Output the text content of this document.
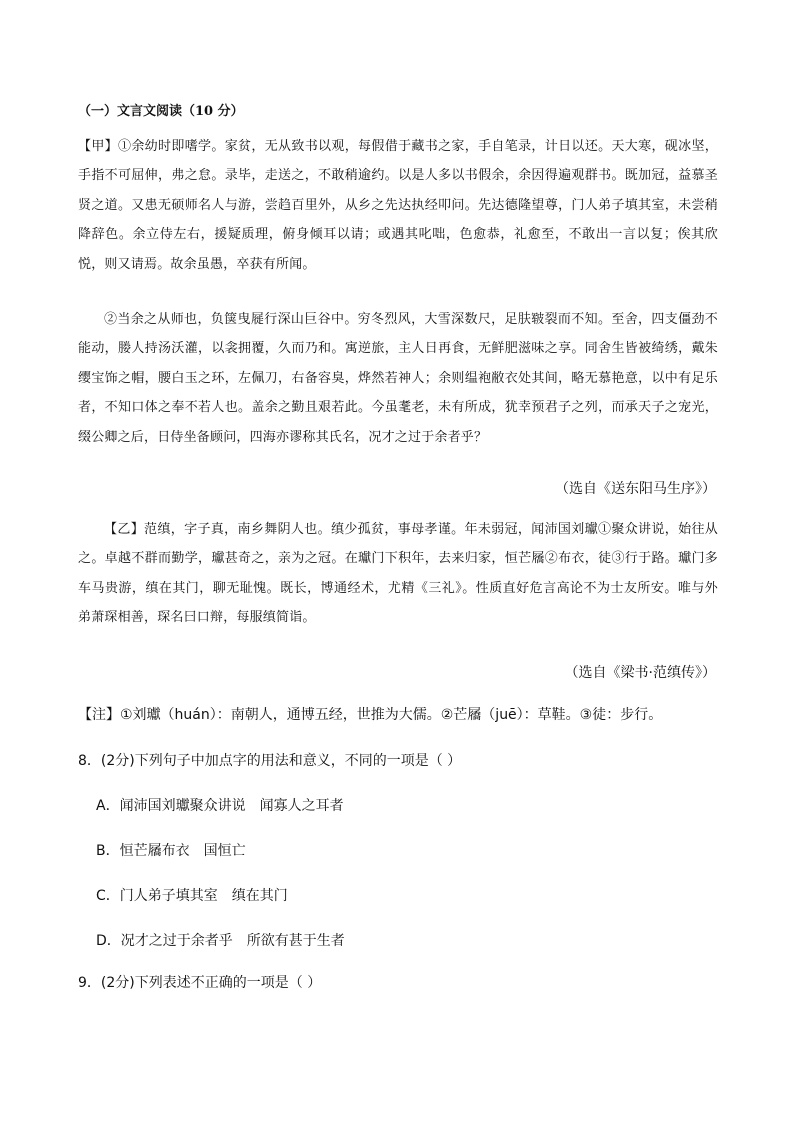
（一）文言文阅读（10 分）

【甲】①余幼时即嗜学。家贫，无从致书以观，每假借于藏书之家，手自笔录，计日以还。天大寒，砚冰坚，手指不可屈伸，弗之怠。录毕，走送之，不敢稍逾约。以是人多以书假余，余因得遍观群书。既加冠，益慕圣贤之道。又患无硕师名人与游，尝趋百里外，从乡之先达执经叩问。先达德隆望尊，门人弟子填其室，未尝稍降辞色。余立侍左右，援疑质理，俯身倾耳以请；或遇其叱咄，色愈恭，礼愈至，不敢出一言以复；俟其欣悦，则又请焉。故余虽愚，卒获有所闻。

②当余之从师也，负箧曳屣行深山巨谷中。穷冬烈风，大雪深数尺，足肤皲裂而不知。至舍，四支僵劲不能动，媵人持汤沃灌，以衾拥覆，久而乃和。寓逆旅，主人日再食，无鲜肥滋味之享。同舍生皆被绮绣，戴朱缨宝饰之帽，腰白玉之环，左佩刀，右备容臭，烨然若神人；余则缊袍敝衣处其间，略无慕艳意，以中有足乐者，不知口体之奉不若人也。盖余之勤且艰若此。今虽耄老，未有所成，犹幸预君子之列，而承天子之宠光，缀公卿之后，日侍坐备顾问，四海亦谬称其氏名，况才之过于余者乎？

（选自《送东阳马生序》）

【乙】范缜，字子真，南乡舞阴人也。缜少孤贫，事母孝谨。年未弱冠，闻沛国刘瓛①聚众讲说，始往从之。卓越不群而勤学，瓛甚奇之，亲为之冠。在瓛门下积年，去来归家，恒芒屩②布衣，徒③行于路。瓛门多车马贵游，缜在其门，聊无耻愧。既长，博通经术，尤精《三礼》。性质直好危言高论不为士友所安。唯与外弟萧琛相善，琛名曰口辩，每服缜简诣。

（选自《梁书·范缜传》）
【注】①刘瓛（huán）：南朝人，通博五经，世推为大儒。②芒屩（juē）：草鞋。③徒：步行。
8．(2分)下列句子中加点字的用法和意义，不同的一项是（ ）
A．闻沛国刘瓛聚众讲说　 闻寡人之耳者
B．恒芒屩布衣　 国恒亡
C．门人弟子填其室　 缜在其门
D．况才之过于余者乎　 所欲有甚于生者
9．(2分)下列表述不正确的一项是（ ）
